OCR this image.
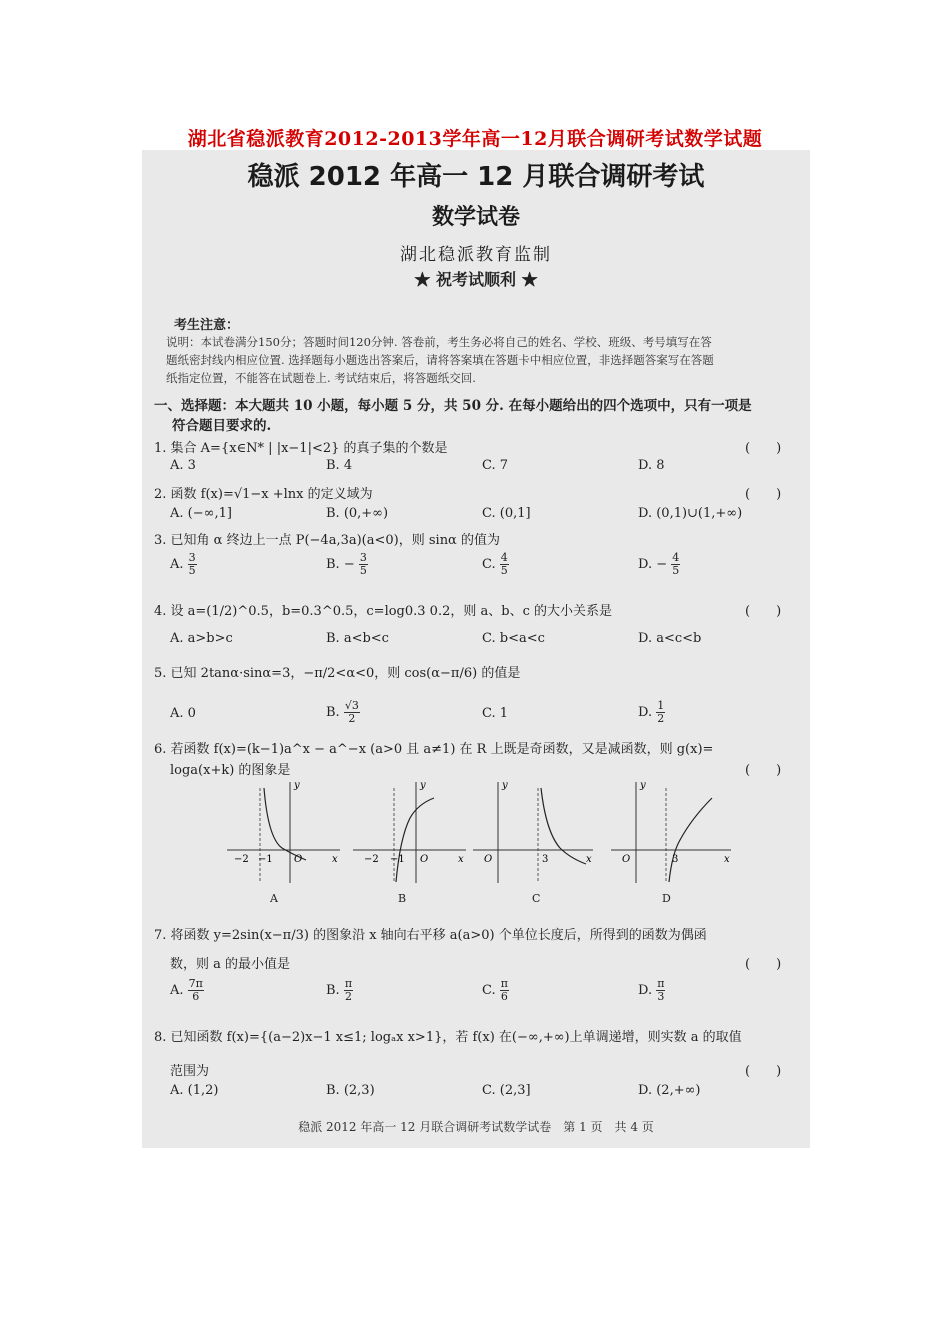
湖北省稳派教育2012-2013学年高一12月联合调研考试数学试题
稳派 2012 年高一 12 月联合调研考试
数学试卷
湖北稳派教育监制
★ 祝考试顺利 ★
考生注意：
说明：本试卷满分150分；答题时间120分钟. 答卷前，考生务必将自己的姓名、学校、班级、考号填写在答
题纸密封线内相应位置. 选择题每小题选出答案后，请将答案填在答题卡中相应位置，非选择题答案写在答题
纸指定位置，不能答在试题卷上. 考试结束后，将答题纸交回.
一、选择题：本大题共 10 小题，每小题 5 分，共 50 分. 在每小题给出的四个选项中，只有一项是
符合题目要求的.
1. 集合 A={x∈N* | |x−1|<2} 的真子集的个数是	(　　)
A. 3	B. 4	C. 7	D. 8
2. 函数 f(x)=√1−x +lnx 的定义域为	(　　)
A. (−∞,1]	B. (0,+∞)	C. (0,1]	D. (0,1)∪(1,+∞)
3. 已知角 α 终边上一点 P(−4a,3a)(a<0)，则 sinα 的值为
A. $\frac{3}{5}$	B. − $\frac{3}{5}$	C. $\frac{4}{5}$	D. − $\frac{4}{5}$
4. 设 a=(1/2)^0.5，b=0.3^0.5，c=log0.3 0.2，则 a、b、c 的大小关系是	(　　)
A. a>b>c	B. a<b<c	C. b<a<c	D. a<c<b
5. 已知 2tanα·sinα=3，−π/2<α<0，则 cos(α−π/6) 的值是
A. 0	B. $\frac{√3}{2}$	C. 1	D. $\frac{1}{2}$
6. 若函数 f(x)=(k−1)a^x − a^−x (a>0 且 a≠1) 在 R 上既是奇函数，又是减函数，则 g(x)=
loga(x+k) 的图象是	(　　)
−2 −1 O	x
y
−2 −1 O	x
y
O	3	x
y
O	3	x
y
A	B	C	D
7. 将函数 y=2sin(x−π/3) 的图象沿 x 轴向右平移 a(a>0) 个单位长度后，所得到的函数为偶函
数，则 a 的最小值是	(　　)
A. $\frac{7\pi}{6}$	B. $\frac{\pi}{2}$	C. $\frac{\pi}{6}$	D. $\frac{\pi}{3}$
8. 已知函数 f(x)={(a−2)x−1 x≤1; logₐx x>1}，若 f(x) 在(−∞,+∞)上单调递增，则实数 a 的取值
范围为	(　　)
A. (1,2)	B. (2,3)	C. (2,3]	D. (2,+∞)
稳派 2012 年高一 12 月联合调研考试数学试卷　第 1 页　共 4 页
